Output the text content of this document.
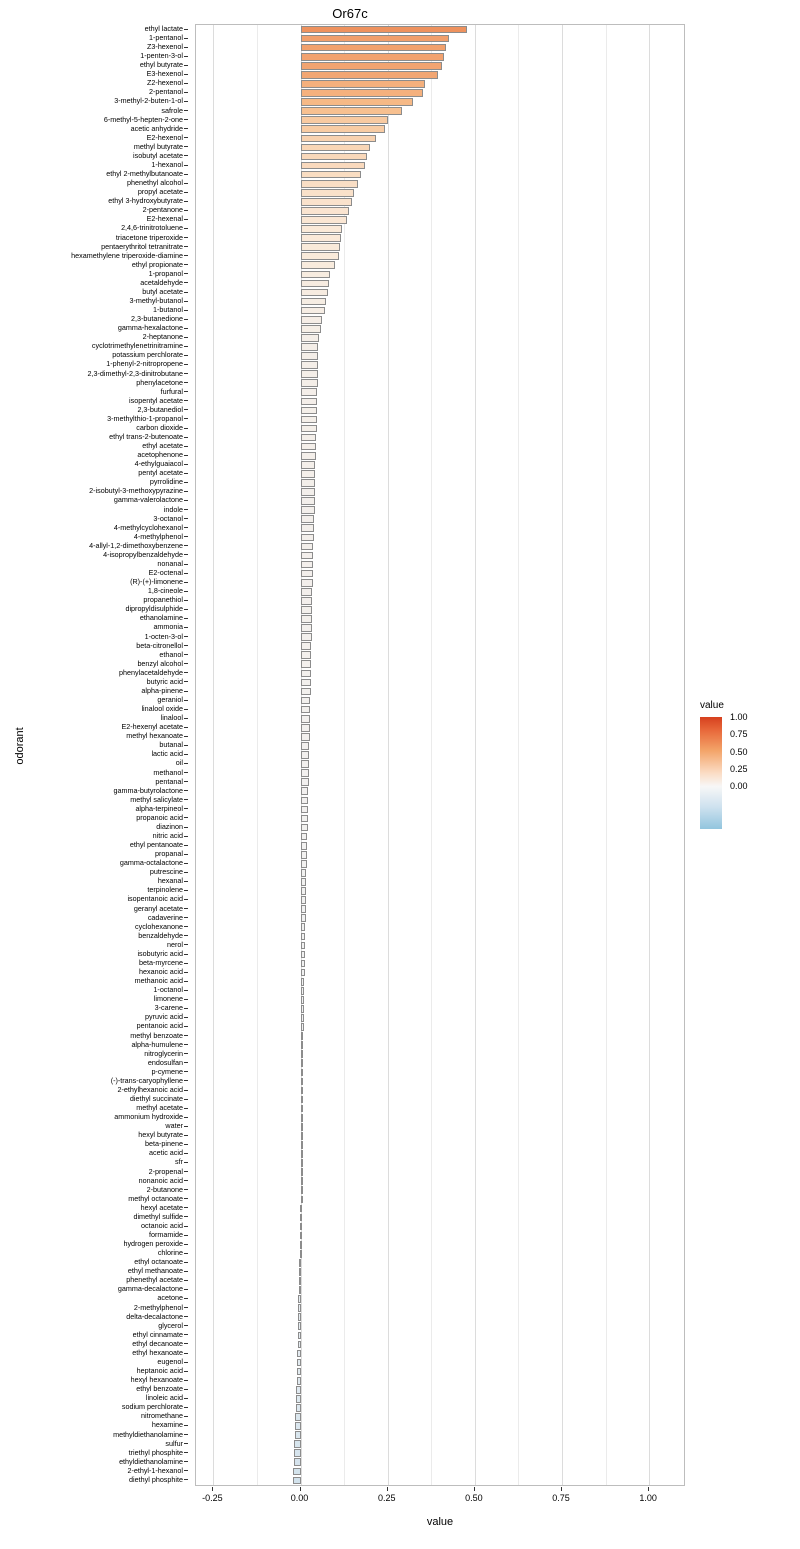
Or67c
ethyl lactate
1-pentanol
Z3-hexenol
1-penten-3-ol
ethyl butyrate
E3-hexenol
Z2-hexenol
2-pentanol
3-methyl-2-buten-1-ol
safrole
6-methyl-5-hepten-2-one
acetic anhydride
E2-hexenol
methyl butyrate
isobutyl acetate
1-hexanol
ethyl 2-methylbutanoate
phenethyl alcohol
propyl acetate
ethyl 3-hydroxybutyrate
2-pentanone
E2-hexenal
2,4,6-trinitrotoluene
triacetone triperoxide
pentaerythritol tetranitrate
hexamethylene triperoxide-diamine
ethyl propionate
1-propanol
acetaldehyde
butyl acetate
3-methyl-butanol
1-butanol
2,3-butanedione
gamma-hexalactone
2-heptanone
cyclotrimethylenetrinitramine
potassium perchlorate
1-phenyl-2-nitropropene
2,3-dimethyl-2,3-dinitrobutane
phenylacetone
furfural
isopentyl acetate
2,3-butanediol
3-methylthio-1-propanol
carbon dioxide
ethyl trans-2-butenoate
ethyl acetate
acetophenone
4-ethylguaiacol
pentyl acetate
pyrrolidine
2-isobutyl-3-methoxypyrazine
gamma-valerolactone
indole
3-octanol
4-methylcyclohexanol
4-methylphenol
4-allyl-1,2-dimethoxybenzene
4-isopropylbenzaldehyde
nonanal
E2-octenal
(R)-(+)-limonene
1,8-cineole
propanethiol
dipropyldisulphide
ethanolamine
ammonia
1-octen-3-ol
beta-citronellol
ethanol
benzyl alcohol
phenylacetaldehyde
butyric acid
alpha-pinene
geraniol
linalool oxide
linalool
E2-hexenyl acetate
methyl hexanoate
butanal
lactic acid
oil
methanol
pentanal
gamma-butyrolactone
methyl salicylate
alpha-terpineol
propanoic acid
diazinon
nitric acid
ethyl pentanoate
propanal
gamma-octalactone
putrescine
hexanal
terpinolene
isopentanoic acid
geranyl acetate
cadaverine
cyclohexanone
benzaldehyde
nerol
isobutyric acid
beta-myrcene
hexanoic acid
methanoic acid
1-octanol
limonene
3-carene
pyruvic acid
pentanoic acid
methyl benzoate
alpha-humulene
nitroglycerin
endosulfan
p-cymene
(-)-trans-caryophyllene
2-ethylhexanoic acid
diethyl succinate
methyl acetate
ammonium hydroxide
water
hexyl butyrate
beta-pinene
acetic acid
sfr
2-propenal
nonanoic acid
2-butanone
methyl octanoate
hexyl acetate
dimethyl sulfide
octanoic acid
formamide
hydrogen peroxide
chlorine
ethyl octanoate
ethyl methanoate
phenethyl acetate
gamma-decalactone
acetone
2-methylphenol
delta-decalactone
glycerol
ethyl cinnamate
ethyl decanoate
ethyl hexanoate
eugenol
heptanoic acid
hexyl hexanoate
ethyl benzoate
linoleic acid
sodium perchlorate
nitromethane
hexamine
methyldiethanolamine
sulfur
triethyl phosphite
ethyldiethanolamine
2-ethyl-1-hexanol
diethyl phosphite
-0.25	0.00	0.25	0.50	0.75	1.00
value
odorant
value
1.00
0.75
0.50
0.25
0.00
